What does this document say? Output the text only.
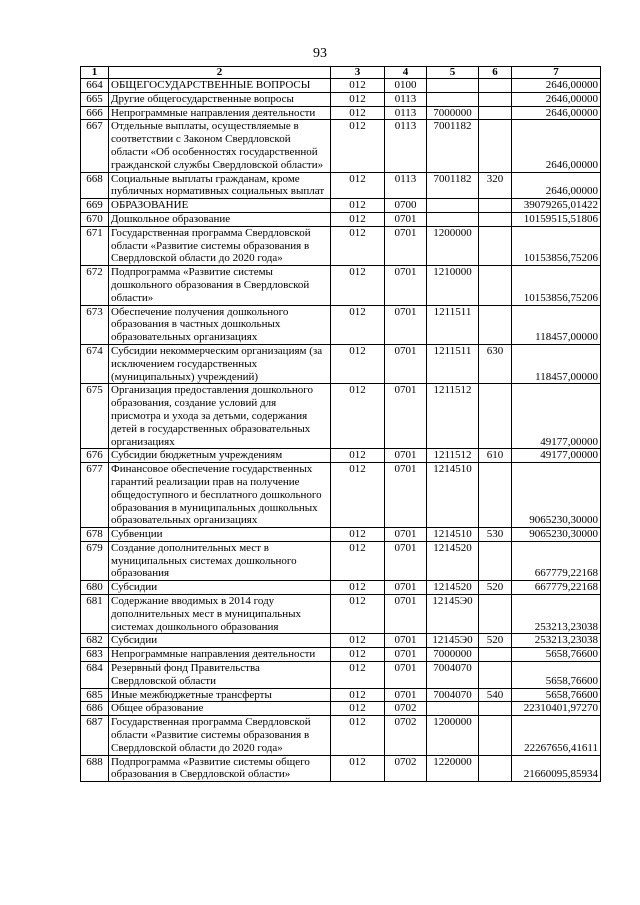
93
1	2	3	4	5	6	7
664	ОБЩЕГОСУДАРСТВЕННЫЕ ВОПРОСЫ	012	0100			2646,00000
665	Другие общегосударственные вопросы	012	0113			2646,00000
666	Непрограммные направления деятельности	012	0113	7000000		2646,00000
667	Отдельные выплаты, осуществляемые в соответствии с Законом Свердловской области «Об особенностях государственной гражданской службы Свердловской области»	012	0113	7001182		2646,00000
668	Социальные выплаты гражданам, кроме публичных нормативных социальных выплат	012	0113	7001182	320	2646,00000
669	ОБРАЗОВАНИЕ	012	0700			39079265,01422
670	Дошкольное образование	012	0701			10159515,51806
671	Государственная программа Свердловской области «Развитие системы образования в Свердловской области до 2020 года»	012	0701	1200000		10153856,75206
672	Подпрограмма «Развитие системы дошкольного образования в Свердловской области»	012	0701	1210000		10153856,75206
673	Обеспечение получения дошкольного образования в частных дошкольных образовательных организациях	012	0701	1211511		118457,00000
674	Субсидии некоммерческим организациям (за исключением государственных (муниципальных) учреждений)	012	0701	1211511	630	118457,00000
675	Организация предоставления дошкольного образования, создание условий для присмотра и ухода за детьми, содержания детей в государственных образовательных организациях	012	0701	1211512		49177,00000
676	Субсидии бюджетным учреждениям	012	0701	1211512	610	49177,00000
677	Финансовое обеспечение государственных гарантий реализации прав на получение общедоступного и бесплатного дошкольного образования в муниципальных дошкольных образовательных организациях	012	0701	1214510		9065230,30000
678	Субвенции	012	0701	1214510	530	9065230,30000
679	Создание дополнительных мест в муниципальных системах дошкольного образования	012	0701	1214520		667779,22168
680	Субсидии	012	0701	1214520	520	667779,22168
681	Содержание вводимых в 2014 году дополнительных мест в муниципальных системах дошкольного образования	012	0701	12145Э0		253213,23038
682	Субсидии	012	0701	12145Э0	520	253213,23038
683	Непрограммные направления деятельности	012	0701	7000000		5658,76600
684	Резервный фонд Правительства Свердловской области	012	0701	7004070		5658,76600
685	Иные межбюджетные трансферты	012	0701	7004070	540	5658,76600
686	Общее образование	012	0702			22310401,97270
687	Государственная программа Свердловской области «Развитие системы образования в Свердловской области до 2020 года»	012	0702	1200000		22267656,41611
688	Подпрограмма «Развитие системы общего образования в Свердловской области»	012	0702	1220000		21660095,85934
